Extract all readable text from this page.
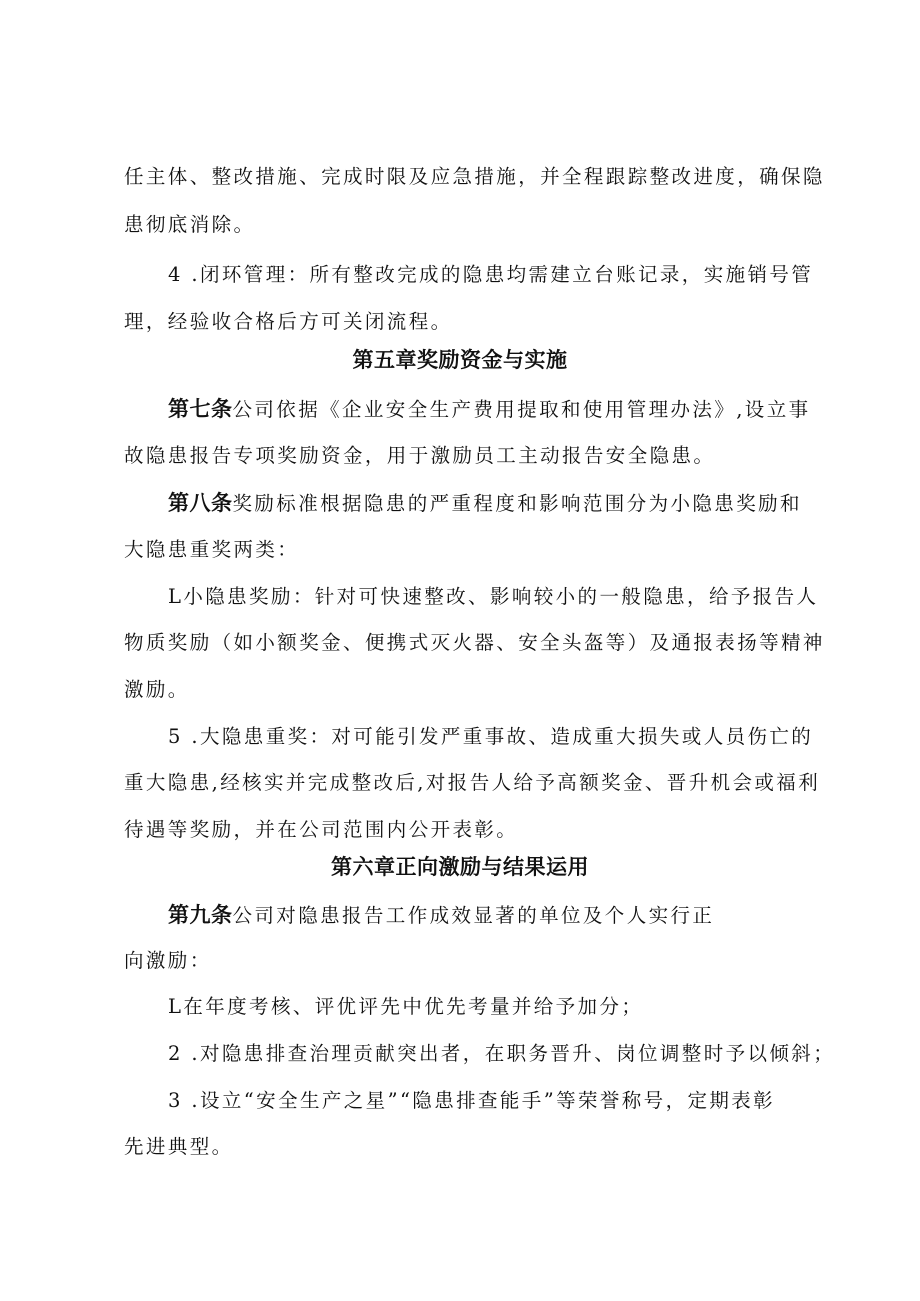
任主体、整改措施、完成时限及应急措施，并全程跟踪整改进度，确保隐
患彻底消除。
4 .闭环管理：所有整改完成的隐患均需建立台账记录，实施销号管
理，经验收合格后方可关闭流程。
第五章奖励资金与实施
第七条公司依据《企业安全生产费用提取和使用管理办法》,设立事
故隐患报告专项奖励资金，用于激励员工主动报告安全隐患。
第八条奖励标准根据隐患的严重程度和影响范围分为小隐患奖励和
大隐患重奖两类：
L小隐患奖励：针对可快速整改、影响较小的一般隐患，给予报告人
物质奖励（如小额奖金、便携式灭火器、安全头盔等）及通报表扬等精神
激励。
5 .大隐患重奖：对可能引发严重事故、造成重大损失或人员伤亡的
重大隐患,经核实并完成整改后,对报告人给予高额奖金、晋升机会或福利
待遇等奖励，并在公司范围内公开表彰。
第六章正向激励与结果运用
第九条公司对隐患报告工作成效显著的单位及个人实行正
向激励：
L在年度考核、评优评先中优先考量并给予加分；
2 .对隐患排查治理贡献突出者，在职务晋升、岗位调整时予以倾斜；
3 .设立“安全生产之星”“隐患排查能手”等荣誉称号，定期表彰
先进典型。
